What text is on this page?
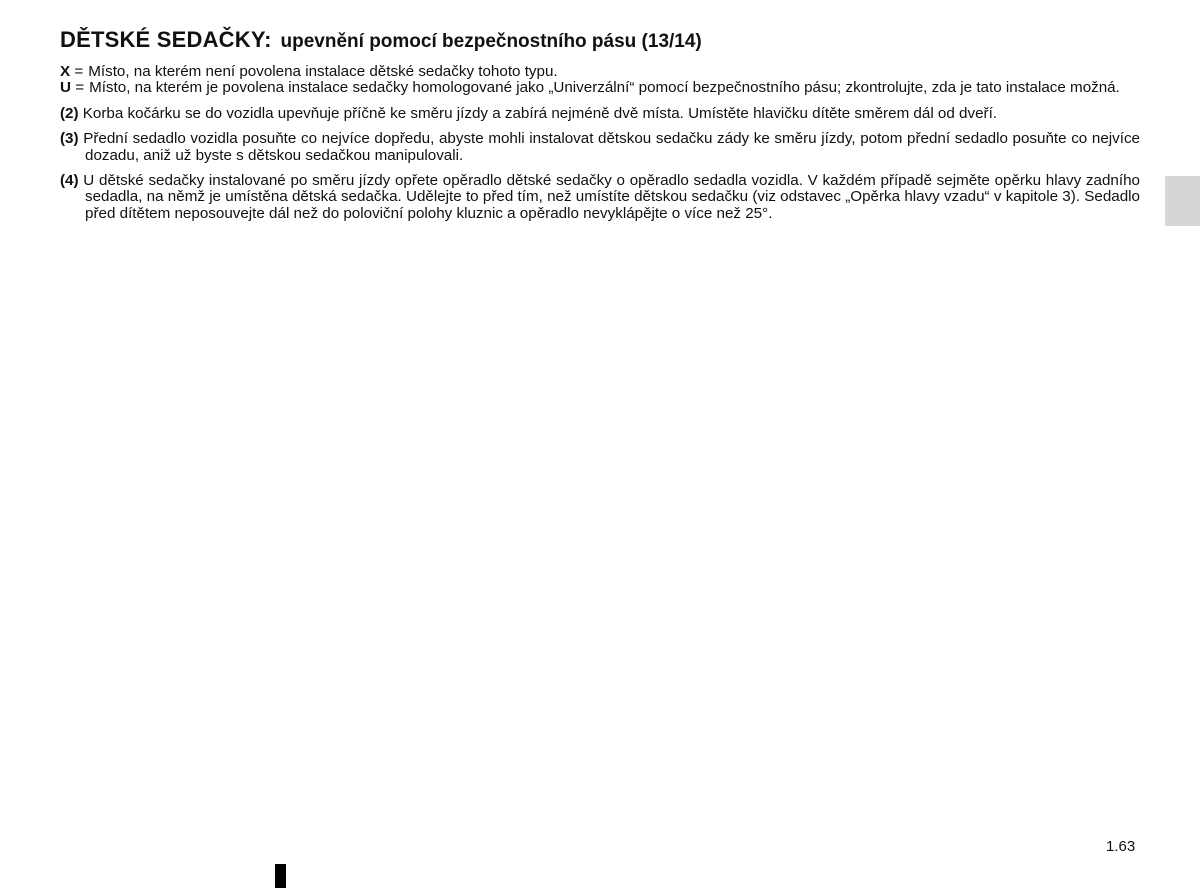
DĚTSKÉ SEDAČKY: upevnění pomocí bezpečnostního pásu (13/14)
X = Místo, na kterém není povolena instalace dětské sedačky tohoto typu.
U = Místo, na kterém je povolena instalace sedačky homologované jako „Univerzální“ pomocí bezpečnostního pásu; zkontrolujte, zda je tato instalace možná.

(2) Korba kočárku se do vozidla upevňuje příčně ke směru jízdy a zabírá nejméně dvě místa. Umístěte hlavičku dítěte směrem dál od dveří.

(3) Přední sedadlo vozidla posuňte co nejvíce dopředu, abyste mohli instalovat dětskou sedačku zády ke směru jízdy, potom přední sedadlo posuňte co nejvíce dozadu, aniž už byste s dětskou sedačkou manipulovali.

(4) U dětské sedačky instalované po směru jízdy opřete opěradlo dětské sedačky o opěradlo sedadla vozidla. V každém případě sejměte opěrku hlavy zadního sedadla, na němž je umístěna dětská sedačka. Udělejte to před tím, než umístíte dětskou sedačku (viz odstavec „Opěrka hlavy vzadu“ v kapitole 3). Sedadlo před dítětem neposouvejte dál než do poloviční polohy kluznic a opěradlo nevyklápějte o více než 25°.

1.63
